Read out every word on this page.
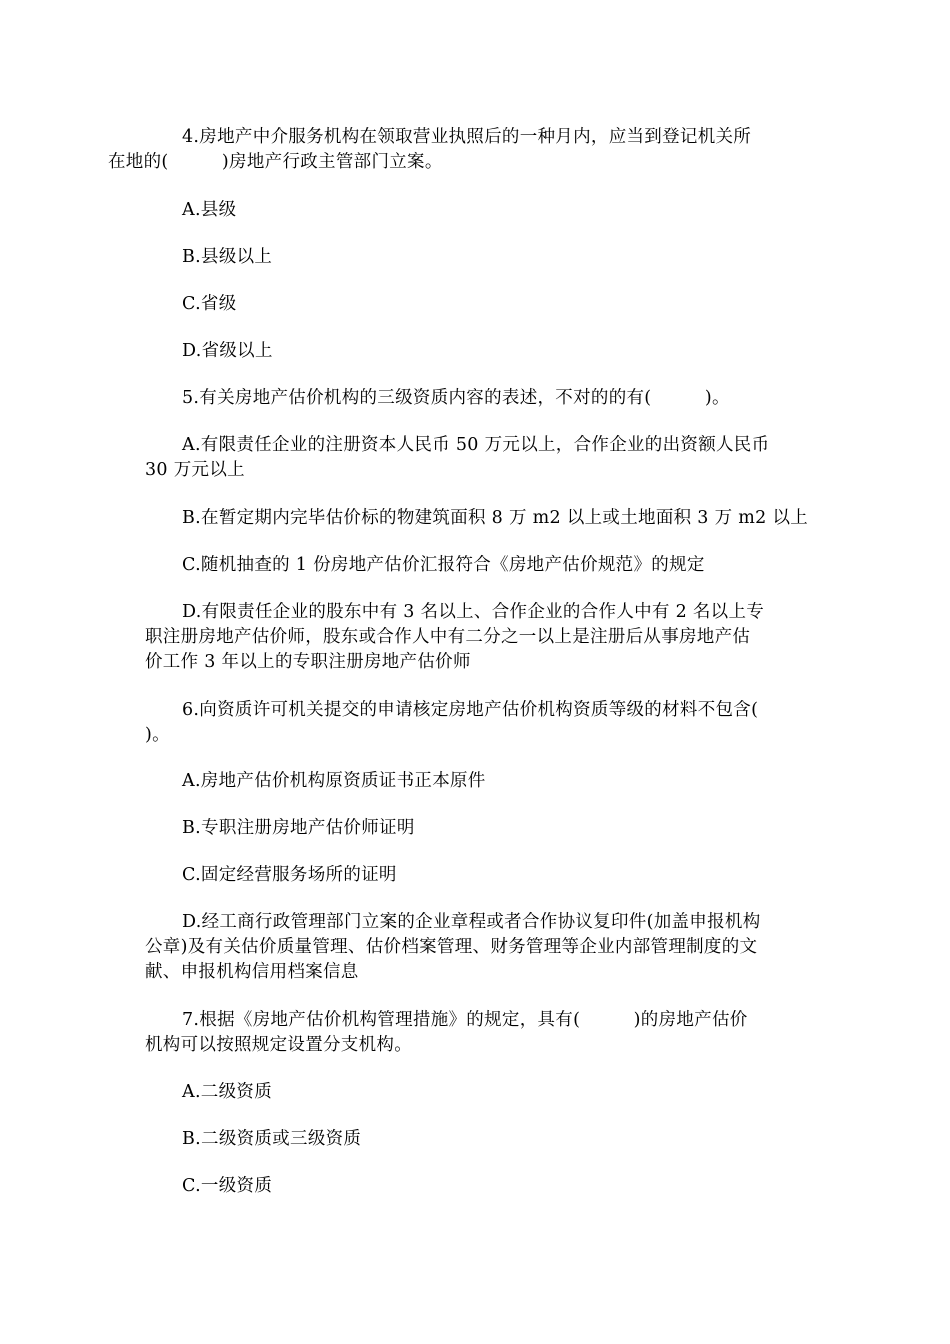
4.房地产中介服务机构在领取营业执照后的一种月内，应当到登记机关所
在地的(　　　)房地产行政主管部门立案。
A.县级
B.县级以上
C.省级
D.省级以上
5.有关房地产估价机构的三级资质内容的表述，不对的的有(　　　)。
A.有限责任企业的注册资本人民币 50 万元以上，合作企业的出资额人民币
30 万元以上
B.在暂定期内完毕估价标的物建筑面积 8 万 m2 以上或土地面积 3 万 m2 以上
C.随机抽查的 1 份房地产估价汇报符合《房地产估价规范》的规定
D.有限责任企业的股东中有 3 名以上、合作企业的合作人中有 2 名以上专
职注册房地产估价师，股东或合作人中有二分之一以上是注册后从事房地产估
价工作 3 年以上的专职注册房地产估价师
6.向资质许可机关提交的申请核定房地产估价机构资质等级的材料不包含(
)。
A.房地产估价机构原资质证书正本原件
B.专职注册房地产估价师证明
C.固定经营服务场所的证明
D.经工商行政管理部门立案的企业章程或者合作协议复印件(加盖申报机构
公章)及有关估价质量管理、估价档案管理、财务管理等企业内部管理制度的文
献、申报机构信用档案信息
7.根据《房地产估价机构管理措施》的规定，具有(　　　)的房地产估价
机构可以按照规定设置分支机构。
A.二级资质
B.二级资质或三级资质
C.一级资质
